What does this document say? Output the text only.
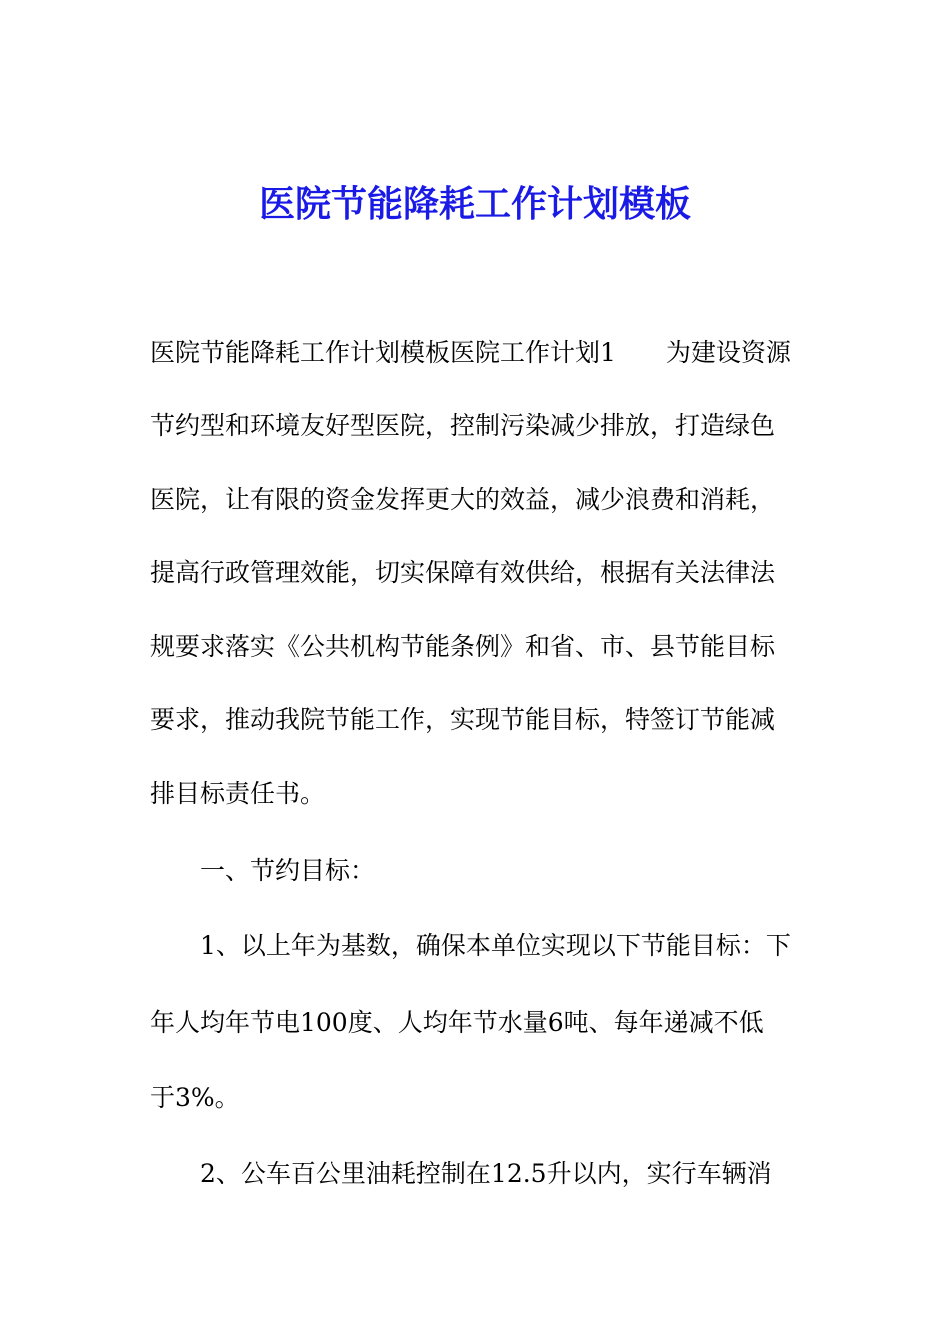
医院节能降耗工作计划模板
医院节能降耗工作计划模板医院工作计划1　　为建设资源
节约型和环境友好型医院，控制污染减少排放，打造绿色
医院，让有限的资金发挥更大的效益，减少浪费和消耗，
提高行政管理效能，切实保障有效供给，根据有关法律法
规要求落实《公共机构节能条例》和省、市、县节能目标
要求，推动我院节能工作，实现节能目标，特签订节能减
排目标责任书。
一、节约目标：
1、以上年为基数，确保本单位实现以下节能目标：下
年人均年节电100度、人均年节水量6吨、每年递减不低
于3%。
2、公车百公里油耗控制在12.5升以内，实行车辆消
